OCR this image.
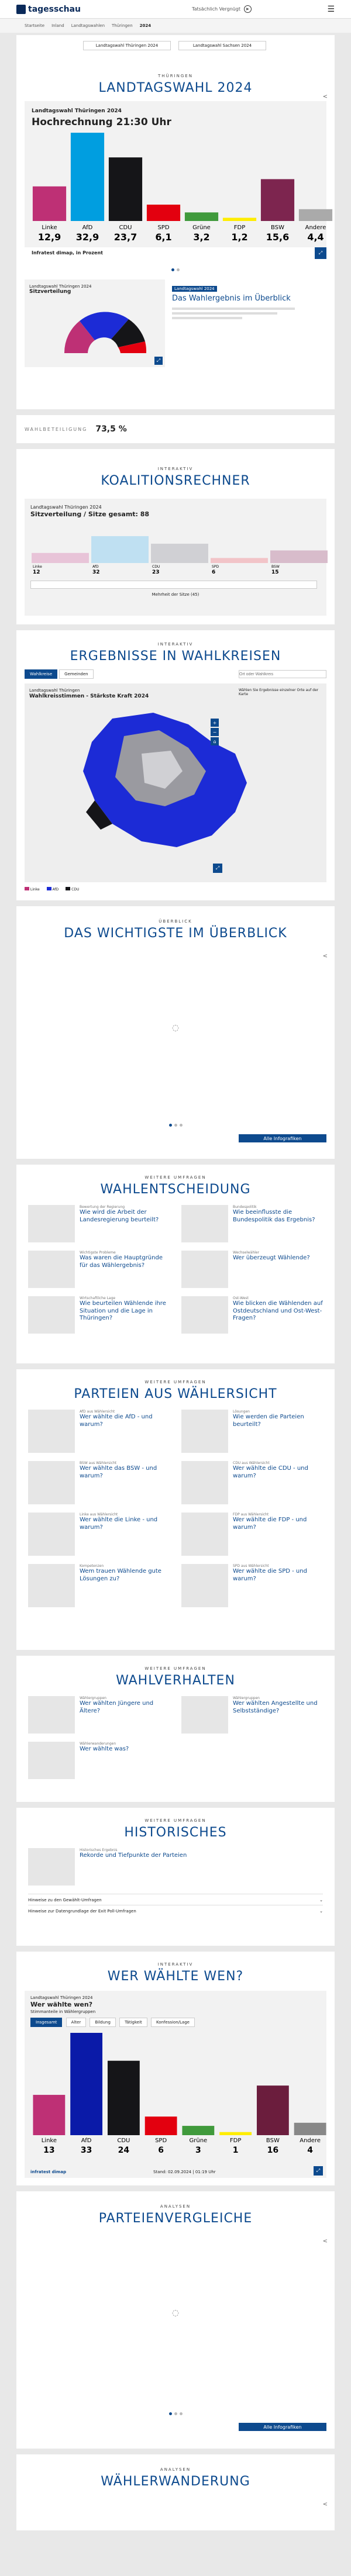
tagesschau	Tatsächlich Vergnügt	▶	☰
Startseite Inland Landtagswahlen Thüringen 2024
Landtagswahl Thüringen 2024	Landtagswahl Sachsen 2024
THÜRINGEN
LANDTAGSWAHL 2024
<
Landtagswahl Thüringen 2024
Hochrechnung 21:30 Uhr
Linke
12,9
AfD
32,9
CDU
23,7
SPD
6,1
Grüne
3,2
FDP
1,2
BSW
15,6
Andere
4,4
Infratest dimap, in Prozent	⤢
Landtagswahl Thüringen 2024
Sitzverteilung
⤢
Landtagswahl 2024
Das Wahlergebnis im Überblick
WAHLBETEILIGUNG 73,5 %
INTERAKTIV
KOALITIONSRECHNER
Landtagswahl Thüringen 2024
Sitzverteilung / Sitze gesamt: 88
Linke
12
AfD
32
CDU
23
SPD
6
BSW
15
Mehrheit der Sitze (45)
INTERAKTIV
ERGEBNISSE IN WAHLKREISEN
Wahlkreise	Gemeinden
Ort oder Wahlkreis
Landtagswahl Thüringen
Wahlkreisstimmen - Stärkste Kraft 2024
Wählen Sie Ergebnisse einzelner Orte auf der Karte
+
−
⌂
⤢
Linke	AfD	CDU
ÜBERBLICK
DAS WICHTIGSTE IM ÜBERBLICK
<
◌
Alle Infografiken
WEITERE UMFRAGEN
WAHLENTSCHEIDUNG
Bewertung der Regierung
Wie wird die Arbeit der Landesregierung beurteilt?
Bundespolitik
Wie beeinflusste die Bundespolitik das Ergebnis?
Wichtigste Probleme
Was waren die Hauptgründe für das Wählergebnis?
Wechselwähler
Wer überzeugt Wählende?
Wirtschaftliche Lage
Wie beurteilen Wählende ihre Situation und die Lage in Thüringen?
Ost-West
Wie blicken die Wählenden auf Ostdeutschland und Ost-West-Fragen?
WEITERE UMFRAGEN
PARTEIEN AUS WÄHLERSICHT
AfD aus Wählersicht
Wer wählte die AfD - und warum?
Lösungen
Wie werden die Parteien beurteilt?
BSW aus Wählersicht
Wer wählte das BSW - und warum?
CDU aus Wählersicht
Wer wählte die CDU - und warum?
Linke aus Wählersicht
Wer wählte die Linke - und warum?
FDP aus Wählersicht
Wer wählte die FDP - und warum?
Kompetenzen
Wem trauen Wählende gute Lösungen zu?
SPD aus Wählersicht
Wer wählte die SPD - und warum?
WEITERE UMFRAGEN
WAHLVERHALTEN
Wählergruppen
Wer wählten Jüngere und Ältere?
Wählergruppen
Wer wählten Angestellte und Selbstständige?
Wählerwanderungen
Wer wählte was?
WEITERE UMFRAGEN
HISTORISCHES
Historisches Ergebnis
Rekorde und Tiefpunkte der Parteien
Hinweise zu den Gewählt-Umfragen	⌄
Hinweise zur Datengrundlage der Exit Poll-Umfragen	⌄
INTERAKTIV
WER WÄHLTE WEN?
Landtagswahl Thüringen 2024
Wer wählte wen?
Stimmanteile in Wählergruppen
Insgesamt	Alter	Bildung	Tätigkeit	Konfession/Lage
Linke
13
AfD
33
CDU
24
SPD
6
Grüne
3
FDP
1
BSW
16
Andere
4
infratest dimap	Stand: 02.09.2024 | 01:19 Uhr	⤢
ANALYSEN
PARTEIENVERGLEICHE
<
◌
Alle Infografiken
ANALYSEN
WÄHLERWANDERUNG
<
